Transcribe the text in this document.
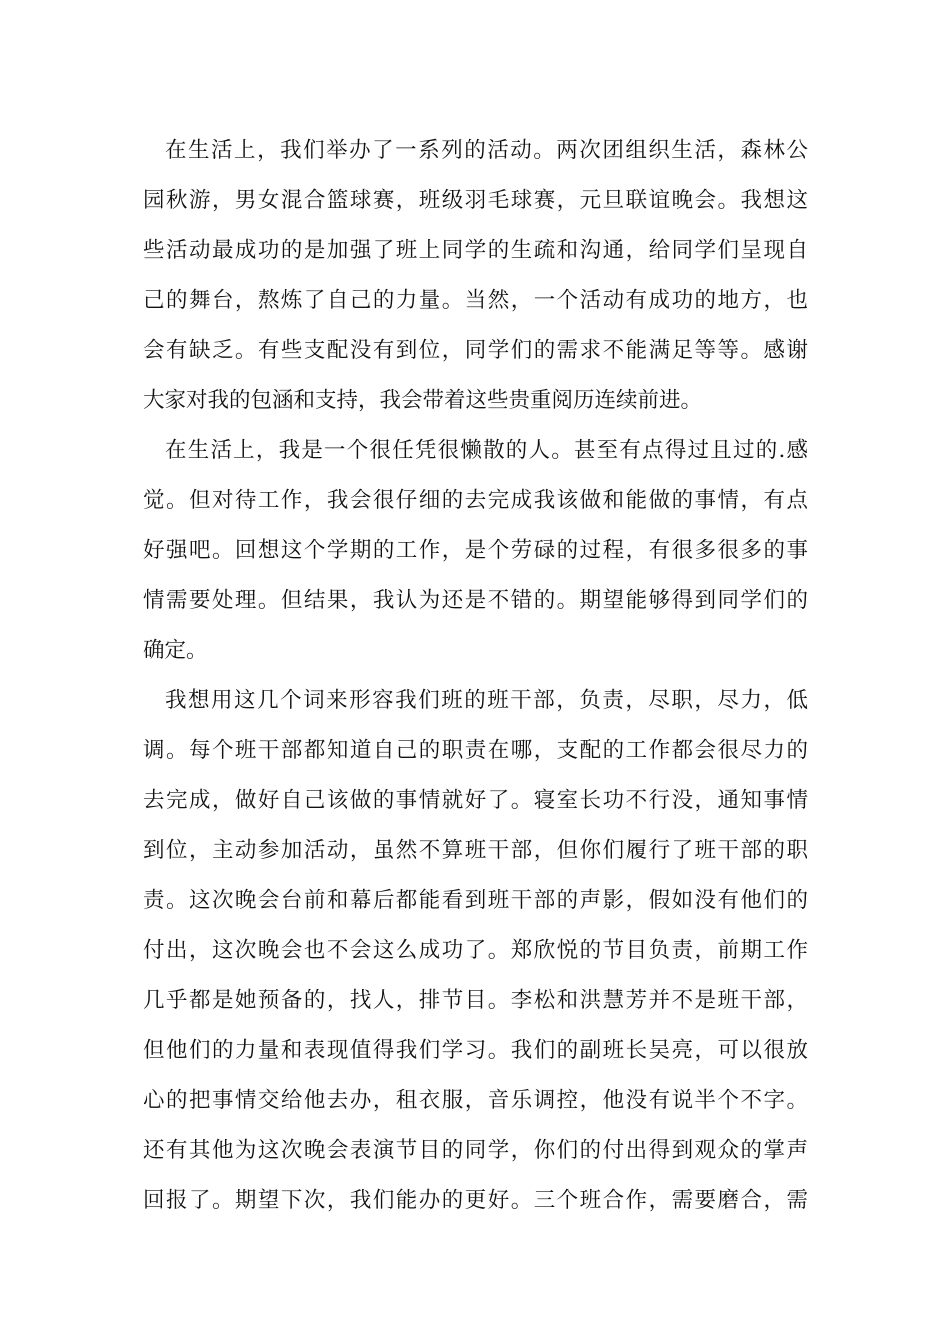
在生活上，我们举办了一系列的活动。两次团组织生活，森林公
园秋游，男女混合篮球赛，班级羽毛球赛，元旦联谊晚会。我想这
些活动最成功的是加强了班上同学的生疏和沟通，给同学们呈现自
己的舞台，熬炼了自己的力量。当然，一个活动有成功的地方，也
会有缺乏。有些支配没有到位，同学们的需求不能满足等等。感谢
大家对我的包涵和支持，我会带着这些贵重阅历连续前进。
在生活上，我是一个很任凭很懒散的人。甚至有点得过且过的.感
觉。但对待工作，我会很仔细的去完成我该做和能做的事情，有点
好强吧。回想这个学期的工作，是个劳碌的过程，有很多很多的事
情需要处理。但结果，我认为还是不错的。期望能够得到同学们的
确定。
我想用这几个词来形容我们班的班干部，负责，尽职，尽力，低
调。每个班干部都知道自己的职责在哪，支配的工作都会很尽力的
去完成，做好自己该做的事情就好了。寝室长功不行没，通知事情
到位，主动参加活动，虽然不算班干部，但你们履行了班干部的职
责。这次晚会台前和幕后都能看到班干部的声影，假如没有他们的
付出，这次晚会也不会这么成功了。郑欣悦的节目负责，前期工作
几乎都是她预备的，找人，排节目。李松和洪慧芳并不是班干部，
但他们的力量和表现值得我们学习。我们的副班长吴亮，可以很放
心的把事情交给他去办，租衣服，音乐调控，他没有说半个不字。
还有其他为这次晚会表演节目的同学，你们的付出得到观众的掌声
回报了。期望下次，我们能办的更好。三个班合作，需要磨合，需
